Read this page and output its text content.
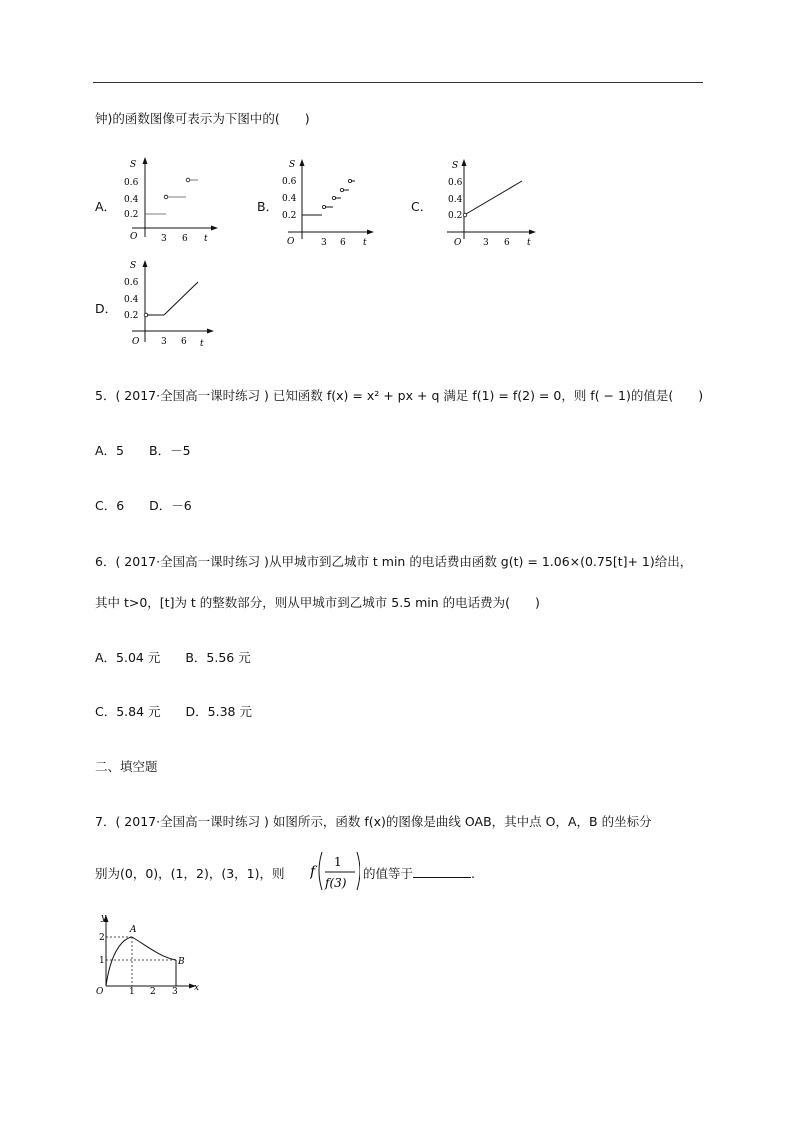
钟)的函数图像可表示为下图中的(　　)
A．
S
O	t
0.6
0.4
0.2
3 6
B．
S
O	t
0.6
0.4
0.2
3 6
C．
S
O	t
0.6
0.4
0.2
3 6
D．
S
O	t
0.6
0.4
0.2
3 6
5．( 2017·全国高一课时练习 ) 已知函数 f(x) = x² + px + q 满足 f(1) = f(2) = 0，则 f( − 1)的值是(　　)
A．5　　B．－5
C．6　　D．－6
6．( 2017·全国高一课时练习 )从甲城市到乙城市 t min 的电话费由函数 g(t) = 1.06×(0.75[t]+ 1)给出，
其中 t>0，[t]为 t 的整数部分，则从甲城市到乙城市 5.5 min 的电话费为(　　)
A．5.04 元　　B．5.56 元
C．5.84 元　　D．5.38 元
二、填空题
7．( 2017·全国高一课时练习 ) 如图所示，函数 f(x)的图像是曲线 OAB，其中点 O，A，B 的坐标分
别为(0，0)，(1，2)，(3，1)，则 f
1
f(3)
的值等于	.
y
x
O
2
1
1 2 3
A
B
